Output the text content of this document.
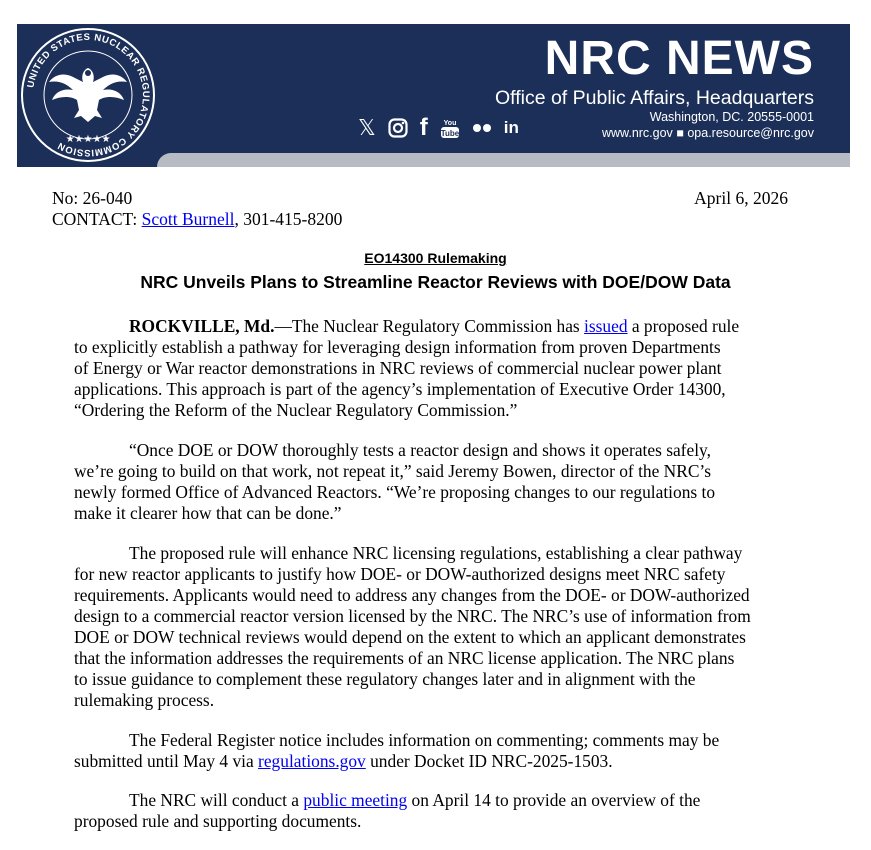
UNITED STATES NUCLEAR REGULATORY COMMISSION
★★★★★	𝕏 f You
Tube	in
NRC NEWS
Office of Public Affairs, Headquarters
Washington, DC. 20555-0001
www.nrc.gov ■ opa.resource@nrc.gov
No: 26-040	April 6, 2026
CONTACT: Scott Burnell, 301-415-8200
EO14300 Rulemaking
NRC Unveils Plans to Streamline Reactor Reviews with DOE/DOW Data

ROCKVILLE, Md.—The Nuclear Regulatory Commission has issued a proposed rule

to explicitly establish a pathway for leveraging design information from proven Departments

of Energy or War reactor demonstrations in NRC reviews of commercial nuclear power plant

applications. This approach is part of the agency’s implementation of Executive Order 14300,

“Ordering the Reform of the Nuclear Regulatory Commission.”

“Once DOE or DOW thoroughly tests a reactor design and shows it operates safely,

we’re going to build on that work, not repeat it,” said Jeremy Bowen, director of the NRC’s

newly formed Office of Advanced Reactors. “We’re proposing changes to our regulations to

make it clearer how that can be done.”

The proposed rule will enhance NRC licensing regulations, establishing a clear pathway

for new reactor applicants to justify how DOE- or DOW-authorized designs meet NRC safety

requirements. Applicants would need to address any changes from the DOE- or DOW-authorized

design to a commercial reactor version licensed by the NRC. The NRC’s use of information from

DOE or DOW technical reviews would depend on the extent to which an applicant demonstrates

that the information addresses the requirements of an NRC license application. The NRC plans

to issue guidance to complement these regulatory changes later and in alignment with the

rulemaking process.

The Federal Register notice includes information on commenting; comments may be

submitted until May 4 via regulations.gov under Docket ID NRC-2025-1503.

The NRC will conduct a public meeting on April 14 to provide an overview of the

proposed rule and supporting documents.
